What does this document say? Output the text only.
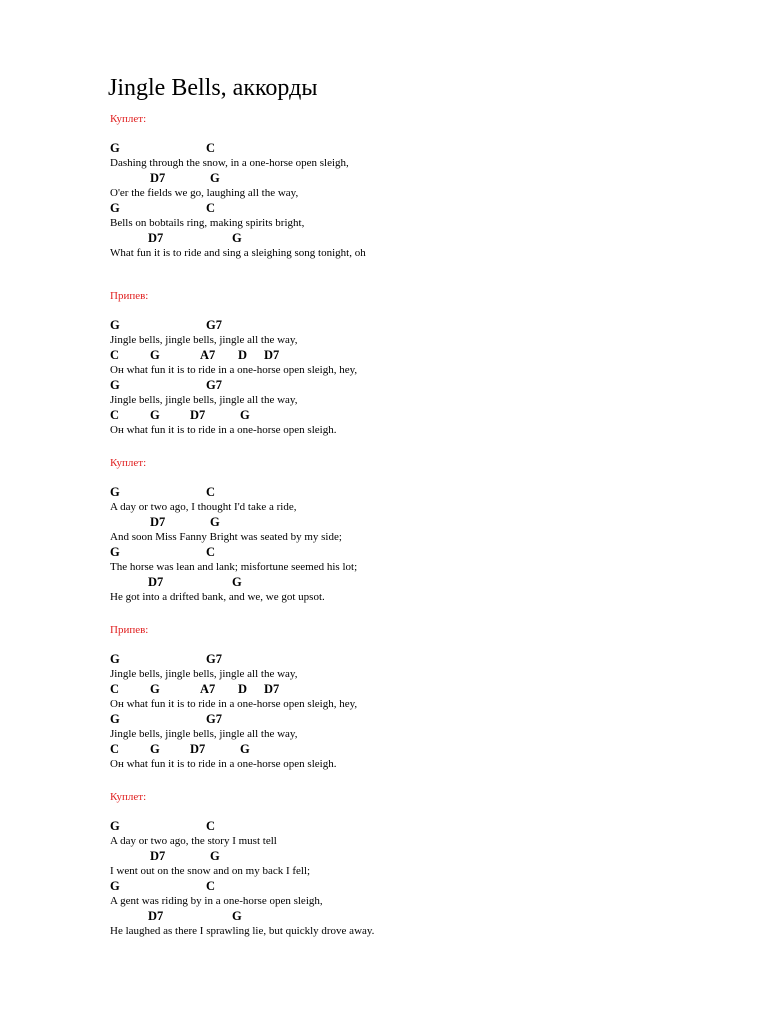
Jingle Bells, аккорды
Куплет:
G	C
Dashing through the snow, in a one-horse open sleigh,
D7	G
O'er the fields we go, laughing all the way,
G	C
Bells on bobtails ring, making spirits bright,
D7	G
What fun it is to ride and sing a sleighing song tonight, oh
Припев:
G	G7
Jingle bells, jingle bells, jingle all the way,
C G	A7 D D7
Он what fun it is to ride in a one-horse open sleigh, hey,
G	G7
Jingle bells, jingle bells, jingle all the way,
C G D7	G
Он what fun it is to ride in a one-horse open sleigh.
Куплет:
G	C
A day or two ago, I thought I'd take a ride,
D7	G
And soon Miss Fanny Bright was seated by my side;
G	C
The horse was lean and lank; misfortune seemed his lot;
D7	G
He got into a drifted bank, and we, we got upsot.
Припев:
G	G7
Jingle bells, jingle bells, jingle all the way,
C G	A7 D D7
Он what fun it is to ride in a one-horse open sleigh, hey,
G	G7
Jingle bells, jingle bells, jingle all the way,
C G D7	G
Он what fun it is to ride in a one-horse open sleigh.
Куплет:
G	C
A day or two ago, the story I must tell
D7	G
I went out on the snow and on my back I fell;
G	C
A gent was riding by in a one-horse open sleigh,
D7	G
He laughed as there I sprawling lie, but quickly drove away.
